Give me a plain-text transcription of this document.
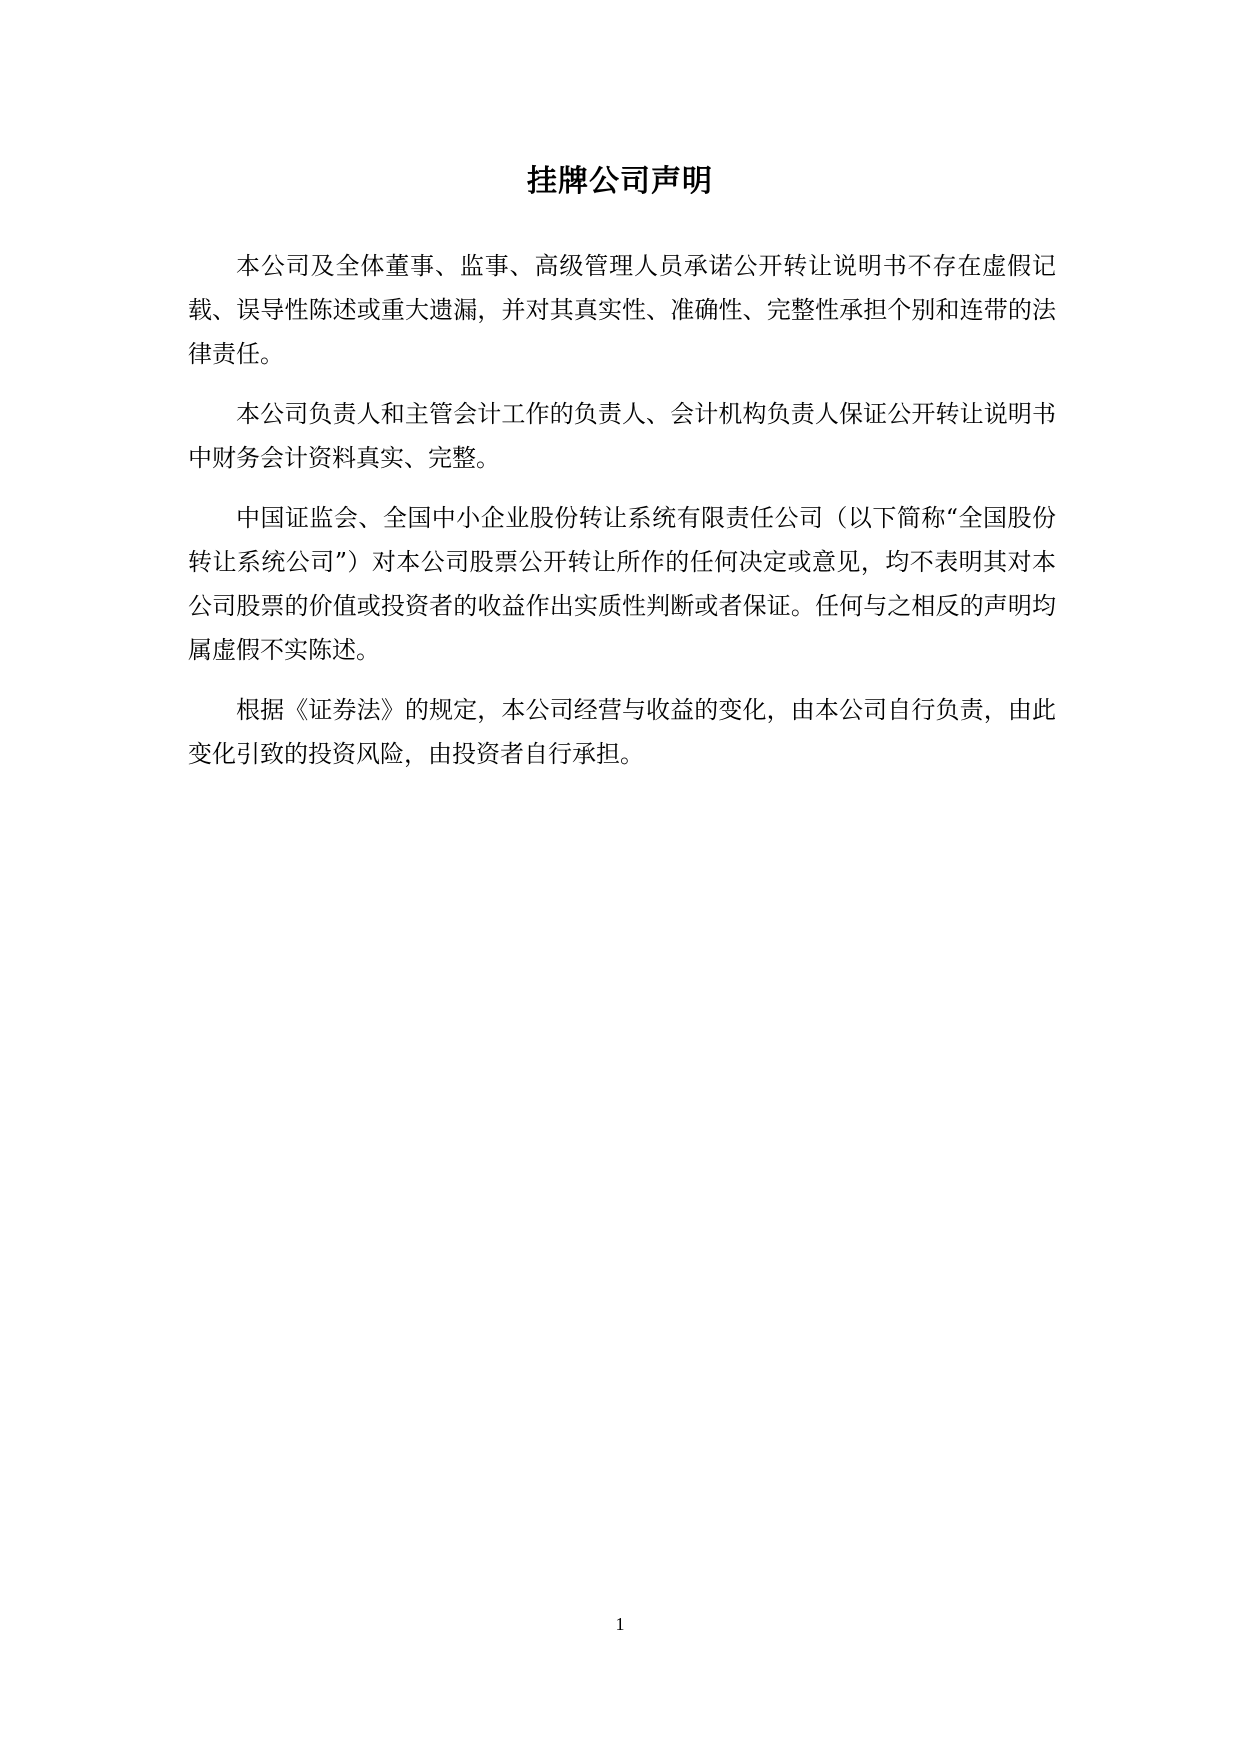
挂牌公司声明

本公司及全体董事、监事、高级管理人员承诺公开转让说明书不存在虚假记载、误导性陈述或重大遗漏，并对其真实性、准确性、完整性承担个别和连带的法律责任。

本公司负责人和主管会计工作的负责人、会计机构负责人保证公开转让说明书中财务会计资料真实、完整。

中国证监会、全国中小企业股份转让系统有限责任公司（以下简称“全国股份转让系统公司”）对本公司股票公开转让所作的任何决定或意见，均不表明其对本公司股票的价值或投资者的收益作出实质性判断或者保证。任何与之相反的声明均属虚假不实陈述。

根据《证券法》的规定，本公司经营与收益的变化，由本公司自行负责，由此变化引致的投资风险，由投资者自行承担。

1
